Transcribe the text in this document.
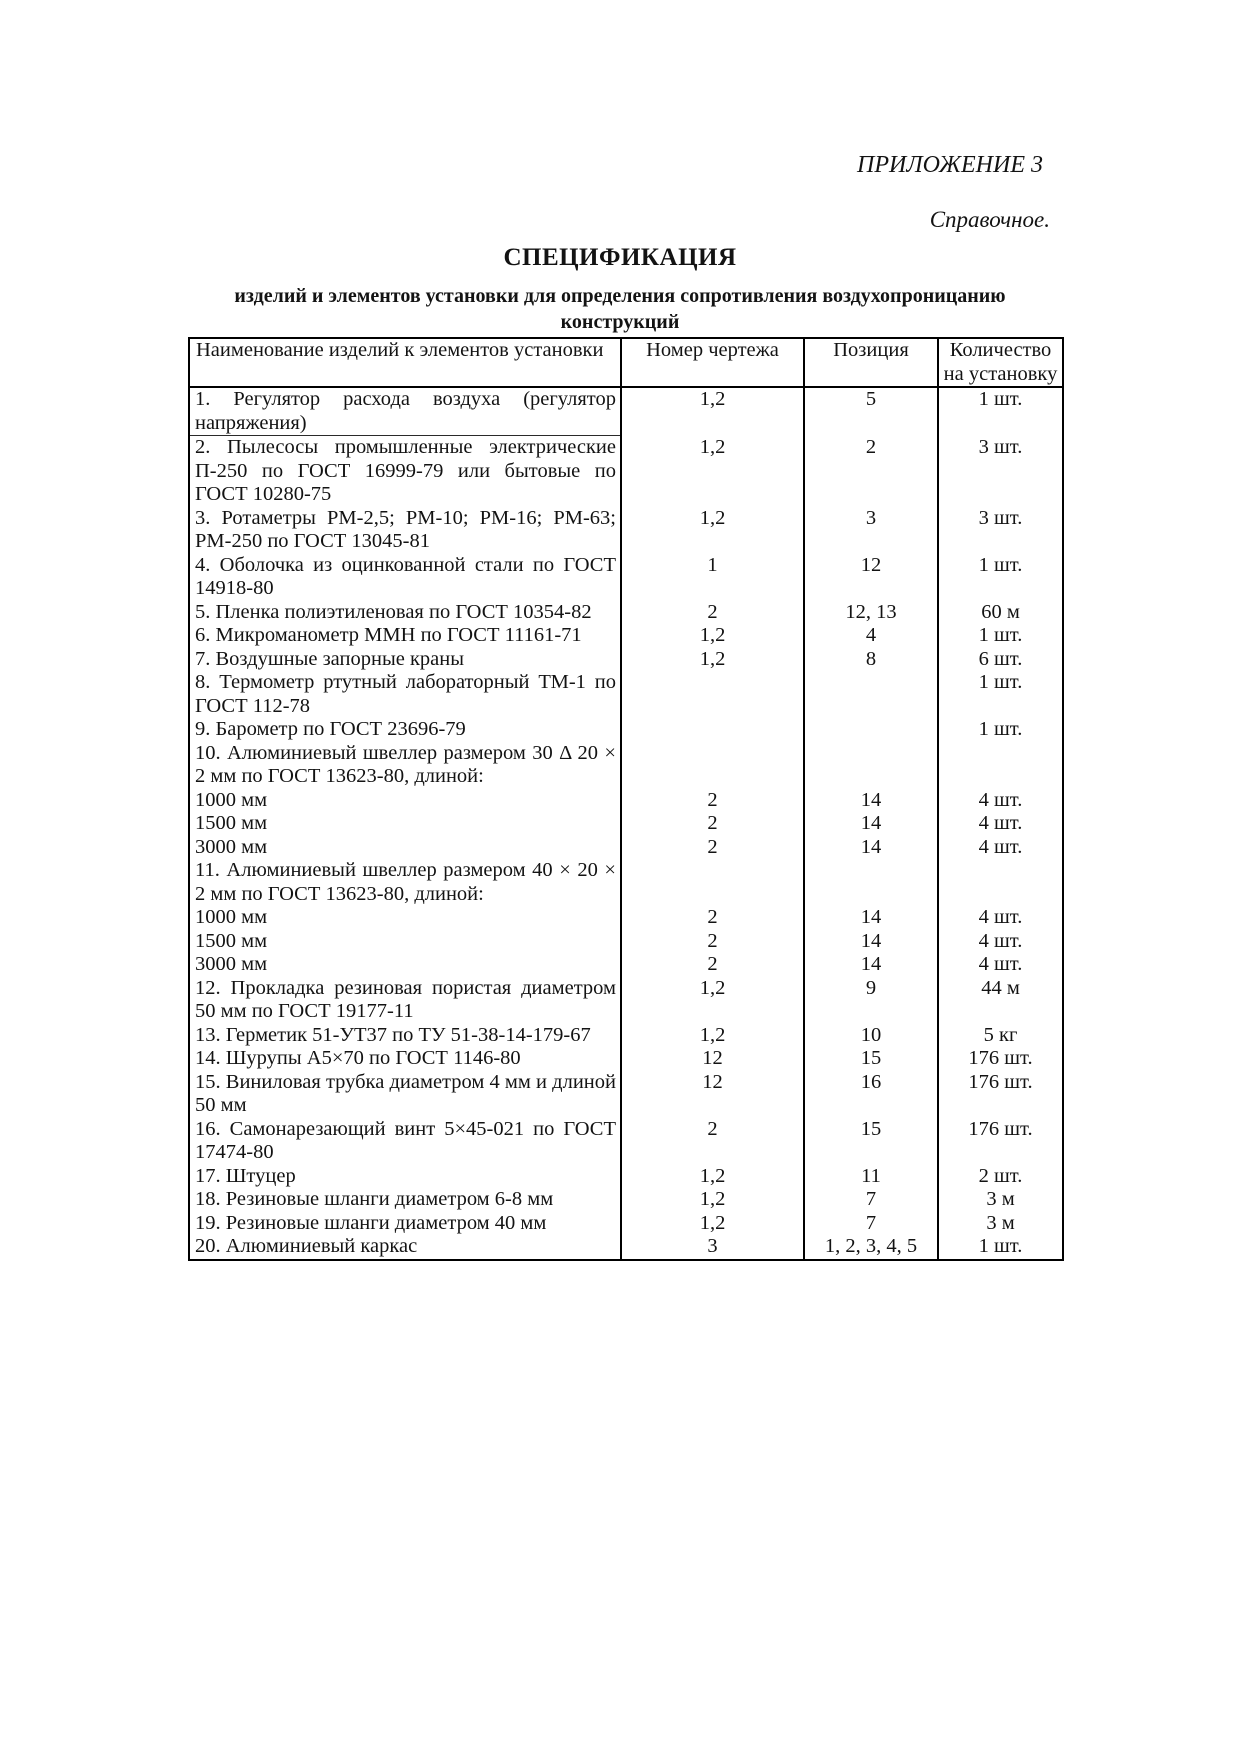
ПРИЛОЖЕНИЕ 3
Справочное.
СПЕЦИФИКАЦИЯ
изделий и элементов установки для определения сопротивления воздухопроницанию конструкций
Наименование изделий к элементов установки	Номер чертежа	Позиция	Количество
на установку
1. Регулятор расхода воздуха (регулятор напряжения)	1,2	5	1 шт.
2. Пылесосы промышленные электрические П-250 по ГОСТ 16999-79 или бытовые по ГОСТ 10280-75	1,2	2	3 шт.
3. Ротаметры РМ-2,5; РМ-10; РМ-16; РМ-63; РМ-250 по ГОСТ 13045-81	1,2	3	3 шт.
4. Оболочка из оцинкованной стали по ГОСТ 14918-80	1	12	1 шт.
5. Пленка полиэтиленовая по ГОСТ 10354-82	2	12, 13	60 м
6. Микроманометр ММН по ГОСТ 11161-71	1,2	4	1 шт.
7. Воздушные запорные краны	1,2	8	6 шт.
8. Термометр ртутный лабораторный ТМ-1 по ГОСТ 112-78			1 шт.
9. Барометр по ГОСТ 23696-79			1 шт.
10. Алюминиевый швеллер размером 30 Δ 20 × 2 мм по ГОСТ 13623-80, длиной:			
1000 мм	2	14	4 шт.
1500 мм	2	14	4 шт.
3000 мм	2	14	4 шт.
11. Алюминиевый швеллер размером 40 × 20 × 2 мм по ГОСТ 13623-80, длиной:			
1000 мм	2	14	4 шт.
1500 мм	2	14	4 шт.
3000 мм	2	14	4 шт.
12. Прокладка резиновая пористая диаметром 50 мм по ГОСТ 19177-11	1,2	9	44 м
13. Герметик 51-УТ37 по ТУ 51-38-14-179-67	1,2	10	5 кг
14. Шурупы А5×70 по ГОСТ 1146-80	12	15	176 шт.
15. Виниловая трубка диаметром 4 мм и длиной 50 мм	12	16	176 шт.
16. Самонарезающий винт 5×45-021 по ГОСТ 17474-80	2	15	176 шт.
17. Штуцер	1,2	11	2 шт.
18. Резиновые шланги диаметром 6-8 мм	1,2	7	3 м
19. Резиновые шланги диаметром 40 мм	1,2	7	3 м
20. Алюминиевый каркас	3	1, 2, 3, 4, 5	1 шт.
